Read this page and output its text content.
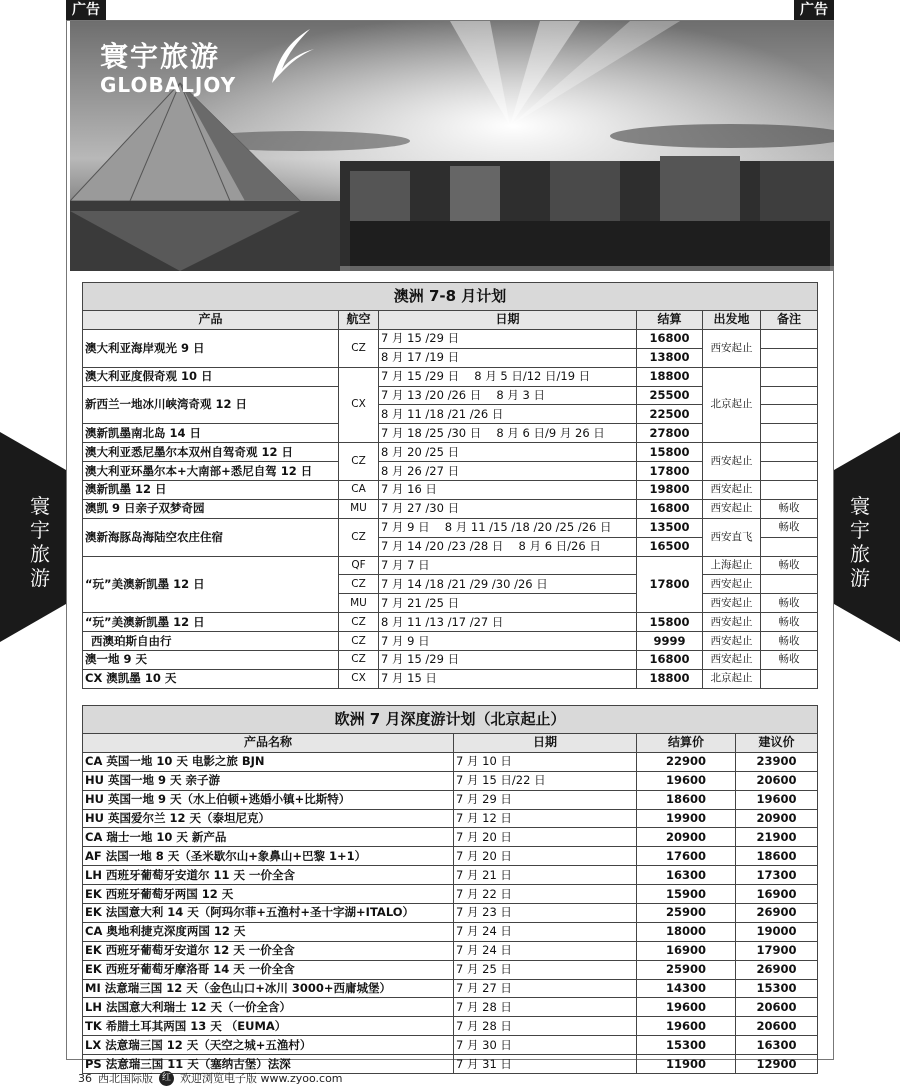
广告	广告
寰宇旅游
GLOBALJOY
寰
宇
旅
游
寰
宇
旅
游
澳洲 7-8 月计划					
产品	航空	日期	结算	出发地	备注
澳大利亚海岸观光 9 日	CZ	7 月 15 /29 日	16800	西安起止	
		8 月 17 /19 日	13800		
澳大利亚度假奇观 10 日	CX	7 月 15 /29 日　 8 月 5 日/12 日/19 日	18800	北京起止	
新西兰一地冰川峡湾奇观 12 日		7 月 13 /20 /26 日　 8 月 3 日	25500		
		8 月 11 /18 /21 /26 日	22500		
澳新凯墨南北岛 14 日		7 月 18 /25 /30 日　 8 月 6 日/9 月 26 日	27800		
澳大利亚悉尼墨尔本双州自驾奇观 12 日	CZ	8 月 20 /25 日	15800	西安起止	
澳大利亚环墨尔本+大南部+悉尼自驾 12 日		8 月 26 /27 日	17800		
澳新凯墨 12 日	CA	7 月 16 日	19800	西安起止	
澳凯 9 日亲子双梦奇园	MU	7 月 27 /30 日	16800	西安起止	畅收
澳新海豚岛海陆空农庄住宿	CZ	7 月 9 日　 8 月 11 /15 /18 /20 /25 /26 日	13500	西安直飞	畅收
		7 月 14 /20 /23 /28 日　 8 月 6 日/26 日	16500		
“玩”美澳新凯墨 12 日	QF	7 月 7 日	17800	上海起止	畅收
	CZ	7 月 14 /18 /21 /29 /30 /26 日		西安起止	
	MU	7 月 21 /25 日		西安起止	畅收
“玩”美澳新凯墨 12 日	CZ	8 月 11 /13 /17 /27 日	15800	西安起止	畅收
西澳珀斯自由行	CZ	7 月 9 日	9999	西安起止	畅收
澳一地 9 天	CZ	7 月 15 /29 日	16800	西安起止	畅收
CX 澳凯墨 10 天	CX	7 月 15 日	18800	北京起止	
欧洲 7 月深度游计划（北京起止）			
产品名称	日期	结算价	建议价
CA 英国一地 10 天 电影之旅 BJN	7 月 10 日	22900	23900
HU 英国一地 9 天 亲子游	7 月 15 日/22 日	19600	20600
HU 英国一地 9 天（水上伯顿+逃婚小镇+比斯特）	7 月 29 日	18600	19600
HU 英国爱尔兰 12 天（泰坦尼克）	7 月 12 日	19900	20900
CA 瑞士一地 10 天 新产品	7 月 20 日	20900	21900
AF 法国一地 8 天（圣米歇尔山+象鼻山+巴黎 1+1）	7 月 20 日	17600	18600
LH 西班牙葡萄牙安道尔 11 天 一价全含	7 月 21 日	16300	17300
EK 西班牙葡萄牙两国 12 天	7 月 22 日	15900	16900
EK 法国意大利 14 天（阿玛尔菲+五渔村+圣十字湖+ITALO）	7 月 23 日	25900	26900
CA 奥地利捷克深度两国 12 天	7 月 24 日	18000	19000
EK 西班牙葡萄牙安道尔 12 天 一价全含	7 月 24 日	16900	17900
EK 西班牙葡萄牙摩洛哥 14 天 一价全含	7 月 25 日	25900	26900
MI 法意瑞三国 12 天（金色山口+冰川 3000+西庸城堡）	7 月 27 日	14300	15300
LH 法国意大利瑞士 12 天（一价全含）	7 月 28 日	19600	20600
TK 希腊土耳其两国 13 天 （EUMA）	7 月 28 日	19600	20600
LX 法意瑞三国 12 天（天空之城+五渔村）	7 月 30 日	15300	16300
PS 法意瑞三国 11 天（塞纳古堡）法深	7 月 31 日	11900	12900
36 西北国际版 红 欢迎浏览电子版 www.zyoo.com
